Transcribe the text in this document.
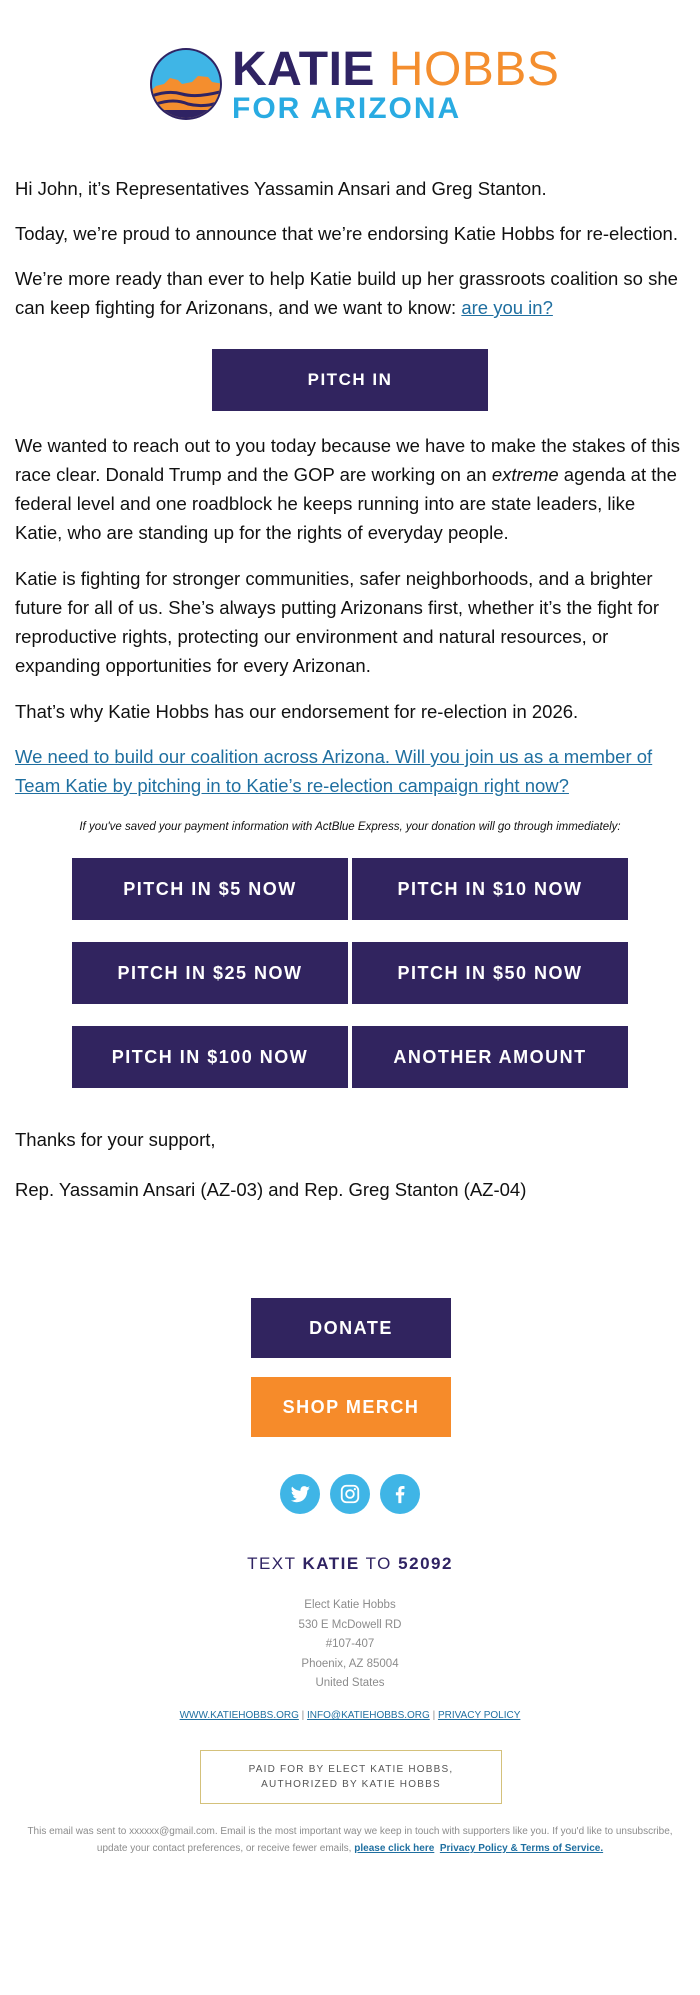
KATIE HOBBS
FOR ARIZONA
Hi John, it’s Representatives Yassamin Ansari and Greg Stanton.
Today, we’re proud to announce that we’re endorsing Katie Hobbs for re-election.
We’re more ready than ever to help Katie build up her grassroots coalition so she can keep fighting for Arizonans, and we want to know: are you in?
PITCH IN
We wanted to reach out to you today because we have to make the stakes of this race clear. Donald Trump and the GOP are working on an extreme agenda at the federal level and one roadblock he keeps running into are state leaders, like Katie, who are standing up for the rights of everyday people.
Katie is fighting for stronger communities, safer neighborhoods, and a brighter future for all of us. She’s always putting Arizonans first, whether it’s the fight for reproductive rights, protecting our environment and natural resources, or expanding opportunities for every Arizonan.
That’s why Katie Hobbs has our endorsement for re-election in 2026.
We need to build our coalition across Arizona. Will you join us as a member of Team Katie by pitching in to Katie’s re-election campaign right now?
If you've saved your payment information with ActBlue Express, your donation will go through immediately:
PITCH IN $5 NOW	PITCH IN $10 NOW
PITCH IN $25 NOW	PITCH IN $50 NOW
PITCH IN $100 NOW	ANOTHER AMOUNT
Thanks for your support,
Rep. Yassamin Ansari (AZ-03) and Rep. Greg Stanton (AZ-04)
DONATE
SHOP MERCH
TEXT KATIE TO 52092
Elect Katie Hobbs
530 E McDowell RD
#107-407
Phoenix, AZ 85004
United States
WWW.KATIEHOBBS.ORG | INFO@KATIEHOBBS.ORG | PRIVACY POLICY
PAID FOR BY ELECT KATIE HOBBS,
AUTHORIZED BY KATIE HOBBS
This email was sent to xxxxxx@gmail.com. Email is the most important way we keep in touch with supporters like you. If you'd like to unsubscribe, update your contact preferences, or receive fewer emails, please click here Privacy Policy & Terms of Service.
